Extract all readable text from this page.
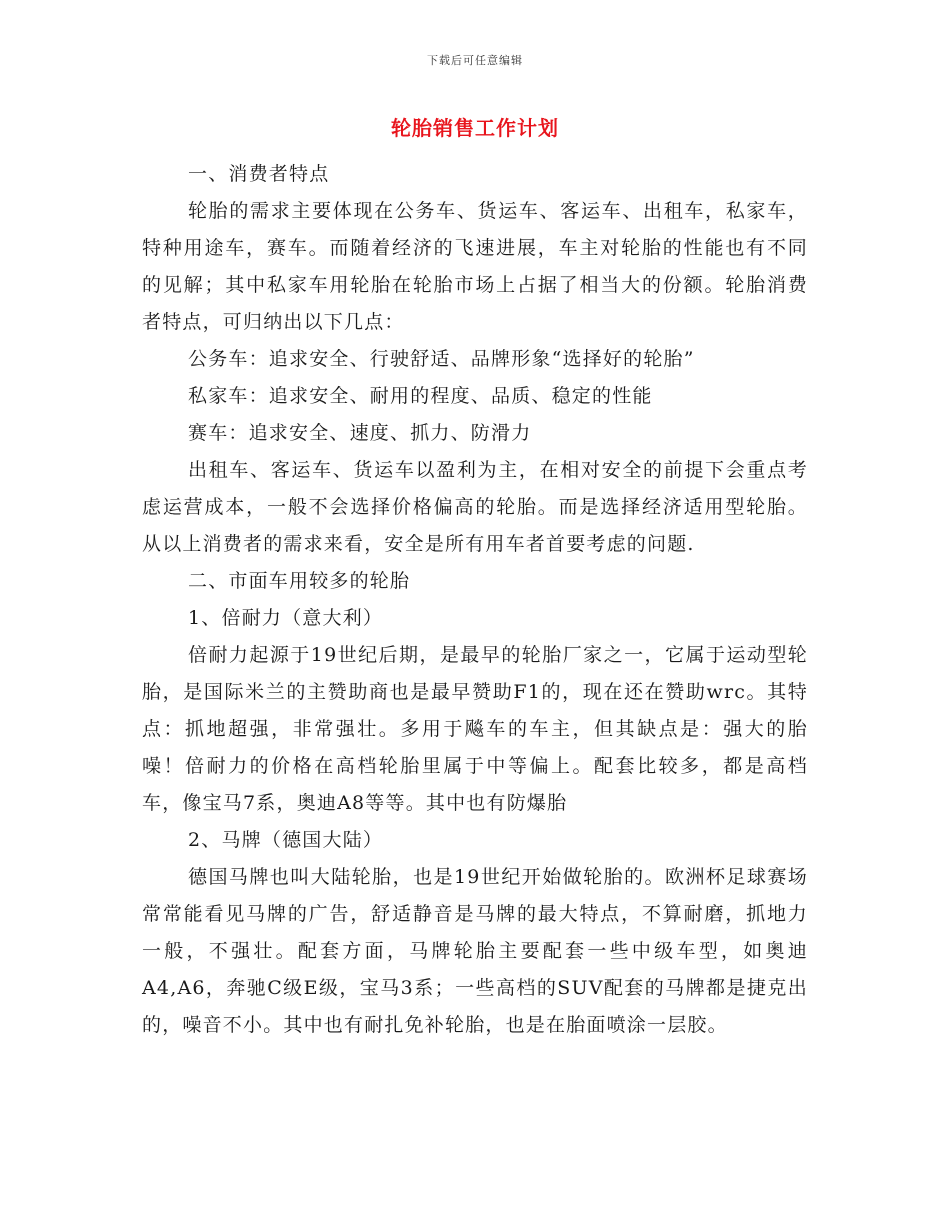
下载后可任意编辑
轮胎销售工作计划

一、消费者特点

轮胎的需求主要体现在公务车、货运车、客运车、出租车，私家车，特种用途车，赛车。而随着经济的飞速进展，车主对轮胎的性能也有不同的见解；其中私家车用轮胎在轮胎市场上占据了相当大的份额。轮胎消费者特点，可归纳出以下几点：

公务车：追求安全、行驶舒适、品牌形象“选择好的轮胎”

私家车：追求安全、耐用的程度、品质、稳定的性能

赛车：追求安全、速度、抓力、防滑力

出租车、客运车、货运车以盈利为主，在相对安全的前提下会重点考虑运营成本，一般不会选择价格偏高的轮胎。而是选择经济适用型轮胎。从以上消费者的需求来看，安全是所有用车者首要考虑的问题.

二、市面车用较多的轮胎

1、倍耐力（意大利）

倍耐力起源于19世纪后期，是最早的轮胎厂家之一，它属于运动型轮胎，是国际米兰的主赞助商也是最早赞助F1的，现在还在赞助wrc。其特点：抓地超强，非常强壮。多用于飚车的车主，但其缺点是：强大的胎噪！倍耐力的价格在高档轮胎里属于中等偏上。配套比较多，都是高档车，像宝马7系，奥迪A8等等。其中也有防爆胎

2、马牌（德国大陆）

德国马牌也叫大陆轮胎，也是19世纪开始做轮胎的。欧洲杯足球赛场常常能看见马牌的广告，舒适静音是马牌的最大特点，不算耐磨，抓地力一般，不强壮。配套方面，马牌轮胎主要配套一些中级车型，如奥迪A4,A6，奔驰C级E级，宝马3系；一些高档的SUV配套的马牌都是捷克出的，噪音不小。其中也有耐扎免补轮胎，也是在胎面喷涂一层胶。
